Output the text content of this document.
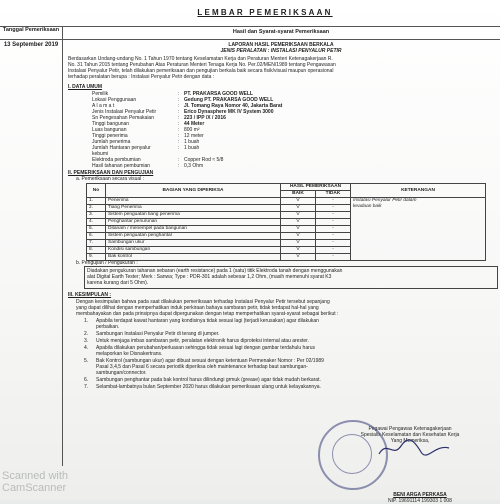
LEMBAR PEMERIKSAAN
Tanggal Pemeriksaan
13 September 2019
Hasil dan Syarat-syarat Pemeriksaan
LAPORAN HASIL PEMERIKSAAN BERKALA
JENIS PERALATAN : INSTALASI PENYALUR PETIR
Berdasarkan Undang-undang No. 1 Tahun 1970 tentang Keselamatan Kerja dan Peraturan Menteri Ketenagakerjaan R.
No. 31 Tahun 2015 tentang Perubahan Atas Peraturan Menteri Tenaga Kerja No. Per.02/MEN/1989 tentang Pengawasan
Instalasi Penyalur Petir, telah dilakukan pemeriksaan dan pengujian berkala baik secara fisik/visual maupun operasional
terhadap peralatan berupa : Instalasi Penyalur Petir dengan data :
I. DATA UMUM
Pemilik	: PT. PRAKARSA GOOD WELL
Lokasi Penggunaan	: Gedung PT. PRAKARSA GOOD WELL
A l a m a t	: Jl. Tomang Raya Nomor 40, Jakarta Barat
Jenis Instalasi Penyalur Petir	: Erico Dynasphere MK IV System 3000
Sn Pengesahan Pemakaian	: 223 / IPP /X / 2016
Tinggi bangunan	: 44 Meter
Luas bangunan	: 800 m²
Tinggi penerima	: 12 meter
Jumlah penerima	: 1 buah
Jumlah Hantaran penyalur	: 1 buah
kebumi
Elektroda pembumian	: Copper Rod ≈ 5/8
Hasil tahanan pembumian	: 0,3 Ohm
II. PEMERIKSAAN DAN PENGUJIAN
a. Pemeriksaan secara visual :
No	BAGIAN YANG DIPERIKSA	HASIL PEMERIKSAAN		KETERANGAN
		BAIK	TIDAK	
1.	Penerima	V	-	Instalasi Penyalur Petir dalam
keadaan baik

2.	Tiang Penerima	V	-	
3.	Sistem penguatan tiang penerima	V	-	
4.	Penghantar penurunan	V	-	
5.	Ditanam / menempel pada bangunan	V	-	
6.	Sistem penguatan penghantar	V	-	
7.	Sambungan ukur	V	-	
8.	Kondisi sambungan	V	-	
9.	Bak kontrol	V	-	
b. Pengujian / Pengukuran :
Diadakan pengukuran tahanan sebaran (earth resistance) pada 1 (satu) titik Elektroda tanah dengan menggunakan
alat Digital Earth Tester; Merk : Sanwa; Type : PDR-301 adalah sebesar 1,2 Ohm, (masih memenuhi syarat K3
karena kurang dari 5 Ohm).
III. KESIMPULAN :
Dengan kesimpulan bahwa pada saat dilakukan pemeriksaan terhadap Instalasi Penyalur Petir tersebut sepanjang
yang dapat dilihat dengan memperhatikan induk perkiraan bahaya sambaran petir, tidak terdapat hal-hal yang
membahayakan dan pada prinsipnya dapat dipergunakan dengan tetap memperhatikan syarat-syarat sebagai berikut :
1. Apabila terdapat kawat hantaran yang kondisinya tidak sesuai lagi (terjadi kerusakan) agar dilakukan
perbaikan.
2. Sambungan Instalasi Penyalur Petir di terang di jumper.
3. Untuk menjaga imbas sambaran petir, peralatan elektronik harus diproteksi internal atau arester.
4. Apabila dilakukan perubahan/perluasan sehingga tidak sesuai lagi dengan gambar terdahulu harus
melaporkan ke Disnakertrans.
5. Bak Kontrol (sambungan ukur) agar dibuat sesuai dengan ketentuan Permenaker Nomor : Per 02/1989
Pasal 3,4,5 dan Pasal 6 secara periodik diperiksa oleh maintenance terhadap baut sambungan-
sambungan/connector.
6. Sambungan penghantar pada bak kontrol harus dilindungi grmuk (grease) agar tidak mudah berkarat.
7. Selambat-lambatnya bulan September 2020 harus dilakukan pemeriksaan ulang untuk kelayakannya.
Pegawai Pengawas Ketenagakerjaan
Spesialis Keselamatan dan Kesehatan Kerja
Yang Memeriksa,
BENI ARGA PERKASA
NIP. 19691114 199303 1 008
Scanned with
CamScanner
